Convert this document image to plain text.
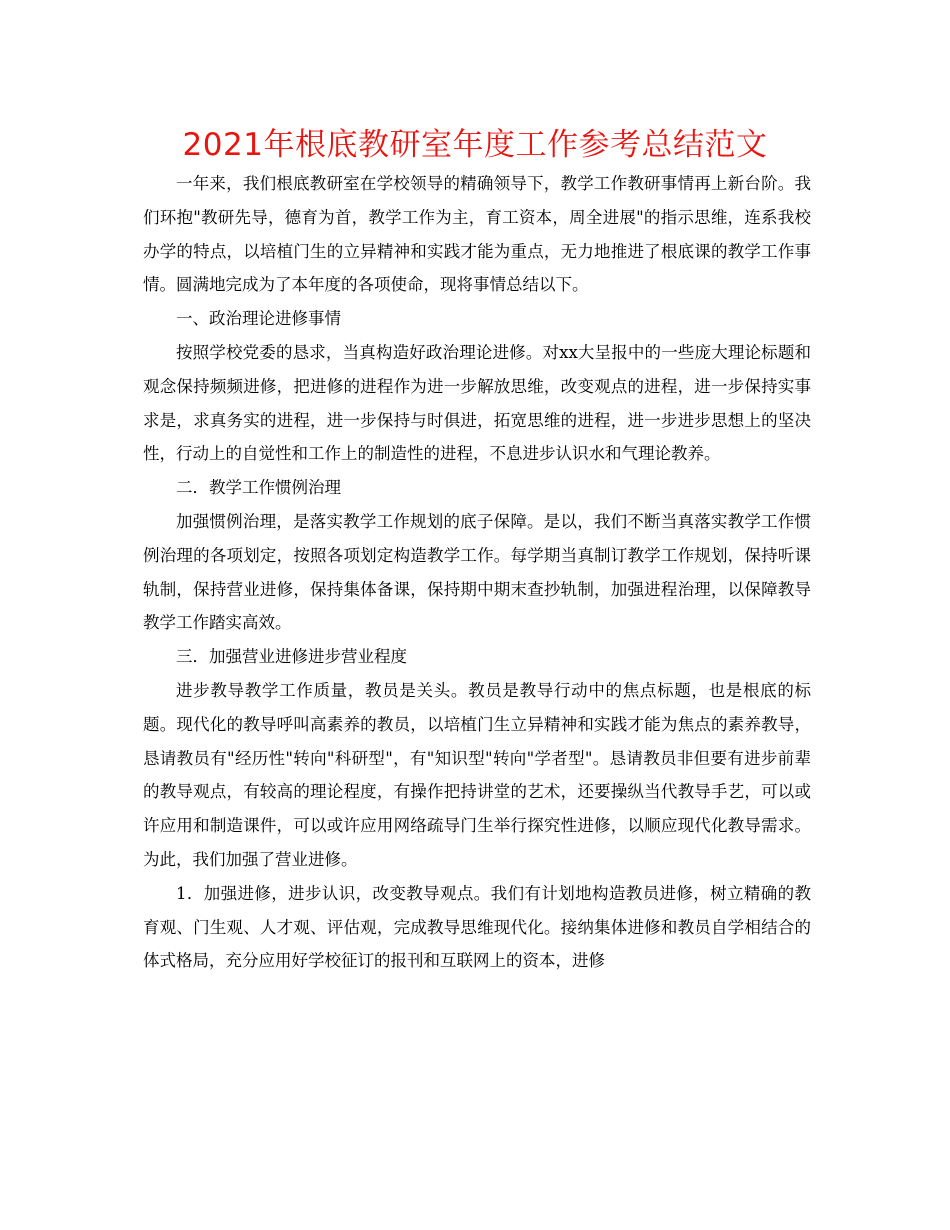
2021年根底教研室年度工作参考总结范文

一年来，我们根底教研室在学校领导的精确领导下，教学工作教研事情再上新台阶。我们环抱"教研先导，德育为首，教学工作为主，育工资本，周全进展"的指示思维，连系我校办学的特点，以培植门生的立异精神和实践才能为重点，无力地推进了根底课的教学工作事情。圆满地完成为了本年度的各项使命，现将事情总结以下。

一、政治理论进修事情

按照学校党委的恳求，当真构造好政治理论进修。对xx大呈报中的一些庞大理论标题和观念保持频频进修，把进修的进程作为进一步解放思维，改变观点的进程，进一步保持实事求是，求真务实的进程，进一步保持与时俱进，拓宽思维的进程，进一步进步思想上的坚决性，行动上的自觉性和工作上的制造性的进程，不息进步认识水和气理论教养。

二．教学工作惯例治理

加强惯例治理，是落实教学工作规划的底子保障。是以，我们不断当真落实教学工作惯例治理的各项划定，按照各项划定构造教学工作。每学期当真制订教学工作规划，保持听课轨制，保持营业进修，保持集体备课，保持期中期末查抄轨制，加强进程治理，以保障教导教学工作踏实高效。

三．加强营业进修进步营业程度

进步教导教学工作质量，教员是关头。教员是教导行动中的焦点标题，也是根底的标题。现代化的教导呼叫高素养的教员，以培植门生立异精神和实践才能为焦点的素养教导，恳请教员有"经历性"转向"科研型"，有"知识型"转向"学者型"。恳请教员非但要有进步前辈的教导观点，有较高的理论程度，有操作把持讲堂的艺术，还要操纵当代教导手艺，可以或许应用和制造课件，可以或许应用网络疏导门生举行探究性进修，以顺应现代化教导需求。为此，我们加强了营业进修。

1．加强进修，进步认识，改变教导观点。我们有计划地构造教员进修，树立精确的教育观、门生观、人才观、评估观，完成教导思维现代化。接纳集体进修和教员自学相结合的体式格局，充分应用好学校征订的报刊和互联网上的资本，进修
